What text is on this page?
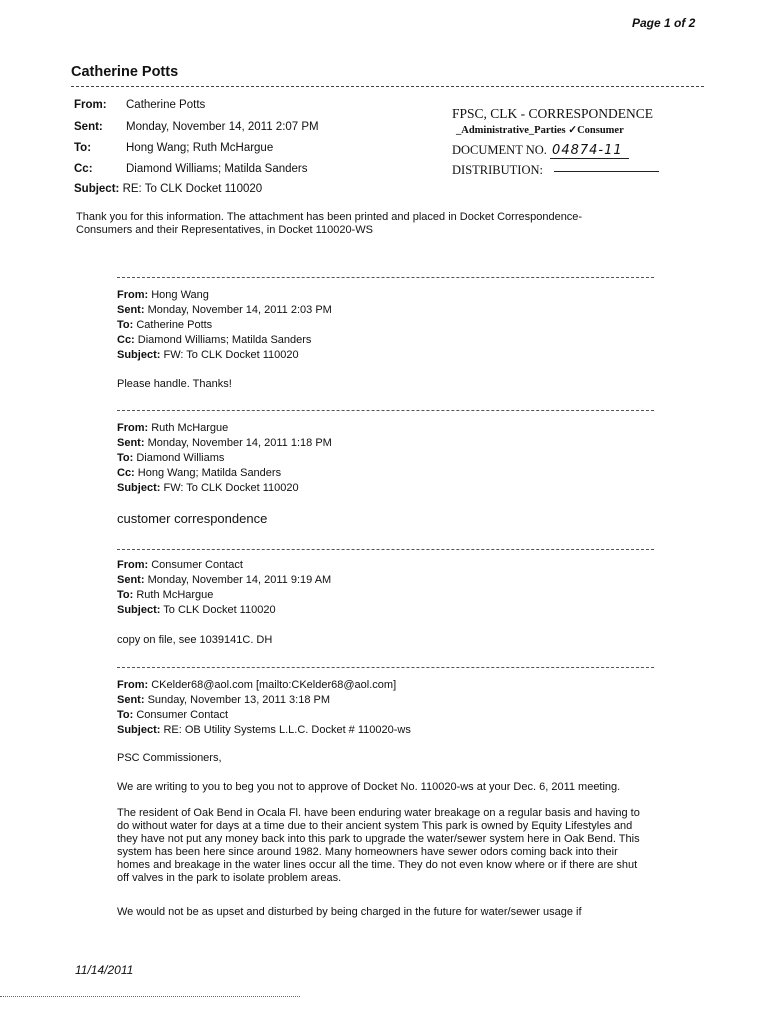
Page 1 of 2
Catherine Potts
From: Catherine Potts
Sent: Monday, November 14, 2011 2:07 PM
To:	Hong Wang; Ruth McHargue
Cc:	Diamond Williams; Matilda Sanders
Subject: RE: To CLK Docket 110020
FPSC, CLK - CORRESPONDENCE
_Administrative_Parties ✓Consumer
DOCUMENT NO. 04874-11
DISTRIBUTION:
Thank you for this information. The attachment has been printed and placed in Docket Correspondence-Consumers and their Representatives, in Docket 110020-WS
From: Hong Wang
Sent: Monday, November 14, 2011 2:03 PM
To: Catherine Potts
Cc: Diamond Williams; Matilda Sanders
Subject: FW: To CLK Docket 110020
Please handle. Thanks!
From: Ruth McHargue
Sent: Monday, November 14, 2011 1:18 PM
To: Diamond Williams
Cc: Hong Wang; Matilda Sanders
Subject: FW: To CLK Docket 110020
customer correspondence
From: Consumer Contact
Sent: Monday, November 14, 2011 9:19 AM
To: Ruth McHargue
Subject: To CLK Docket 110020
copy on file, see 1039141C. DH
From: CKelder68@aol.com [mailto:CKelder68@aol.com]
Sent: Sunday, November 13, 2011 3:18 PM
To: Consumer Contact
Subject: RE: OB Utility Systems L.L.C. Docket # 110020-ws
PSC Commissioners,
We are writing to you to beg you not to approve of Docket No. 110020-ws at your Dec. 6, 2011 meeting.
The resident of Oak Bend in Ocala Fl. have been enduring water breakage on a regular basis and having to do without water for days at a time due to their ancient system This park is owned by Equity Lifestyles and they have not put any money back into this park to upgrade the water/sewer system here in Oak Bend. This system has been here since around 1982. Many homeowners have sewer odors coming back into their homes and breakage in the water lines occur all the time. They do not even know where or if there are shut off valves in the park to isolate problem areas.
We would not be as upset and disturbed by being charged in the future for water/sewer usage if
11/14/2011
